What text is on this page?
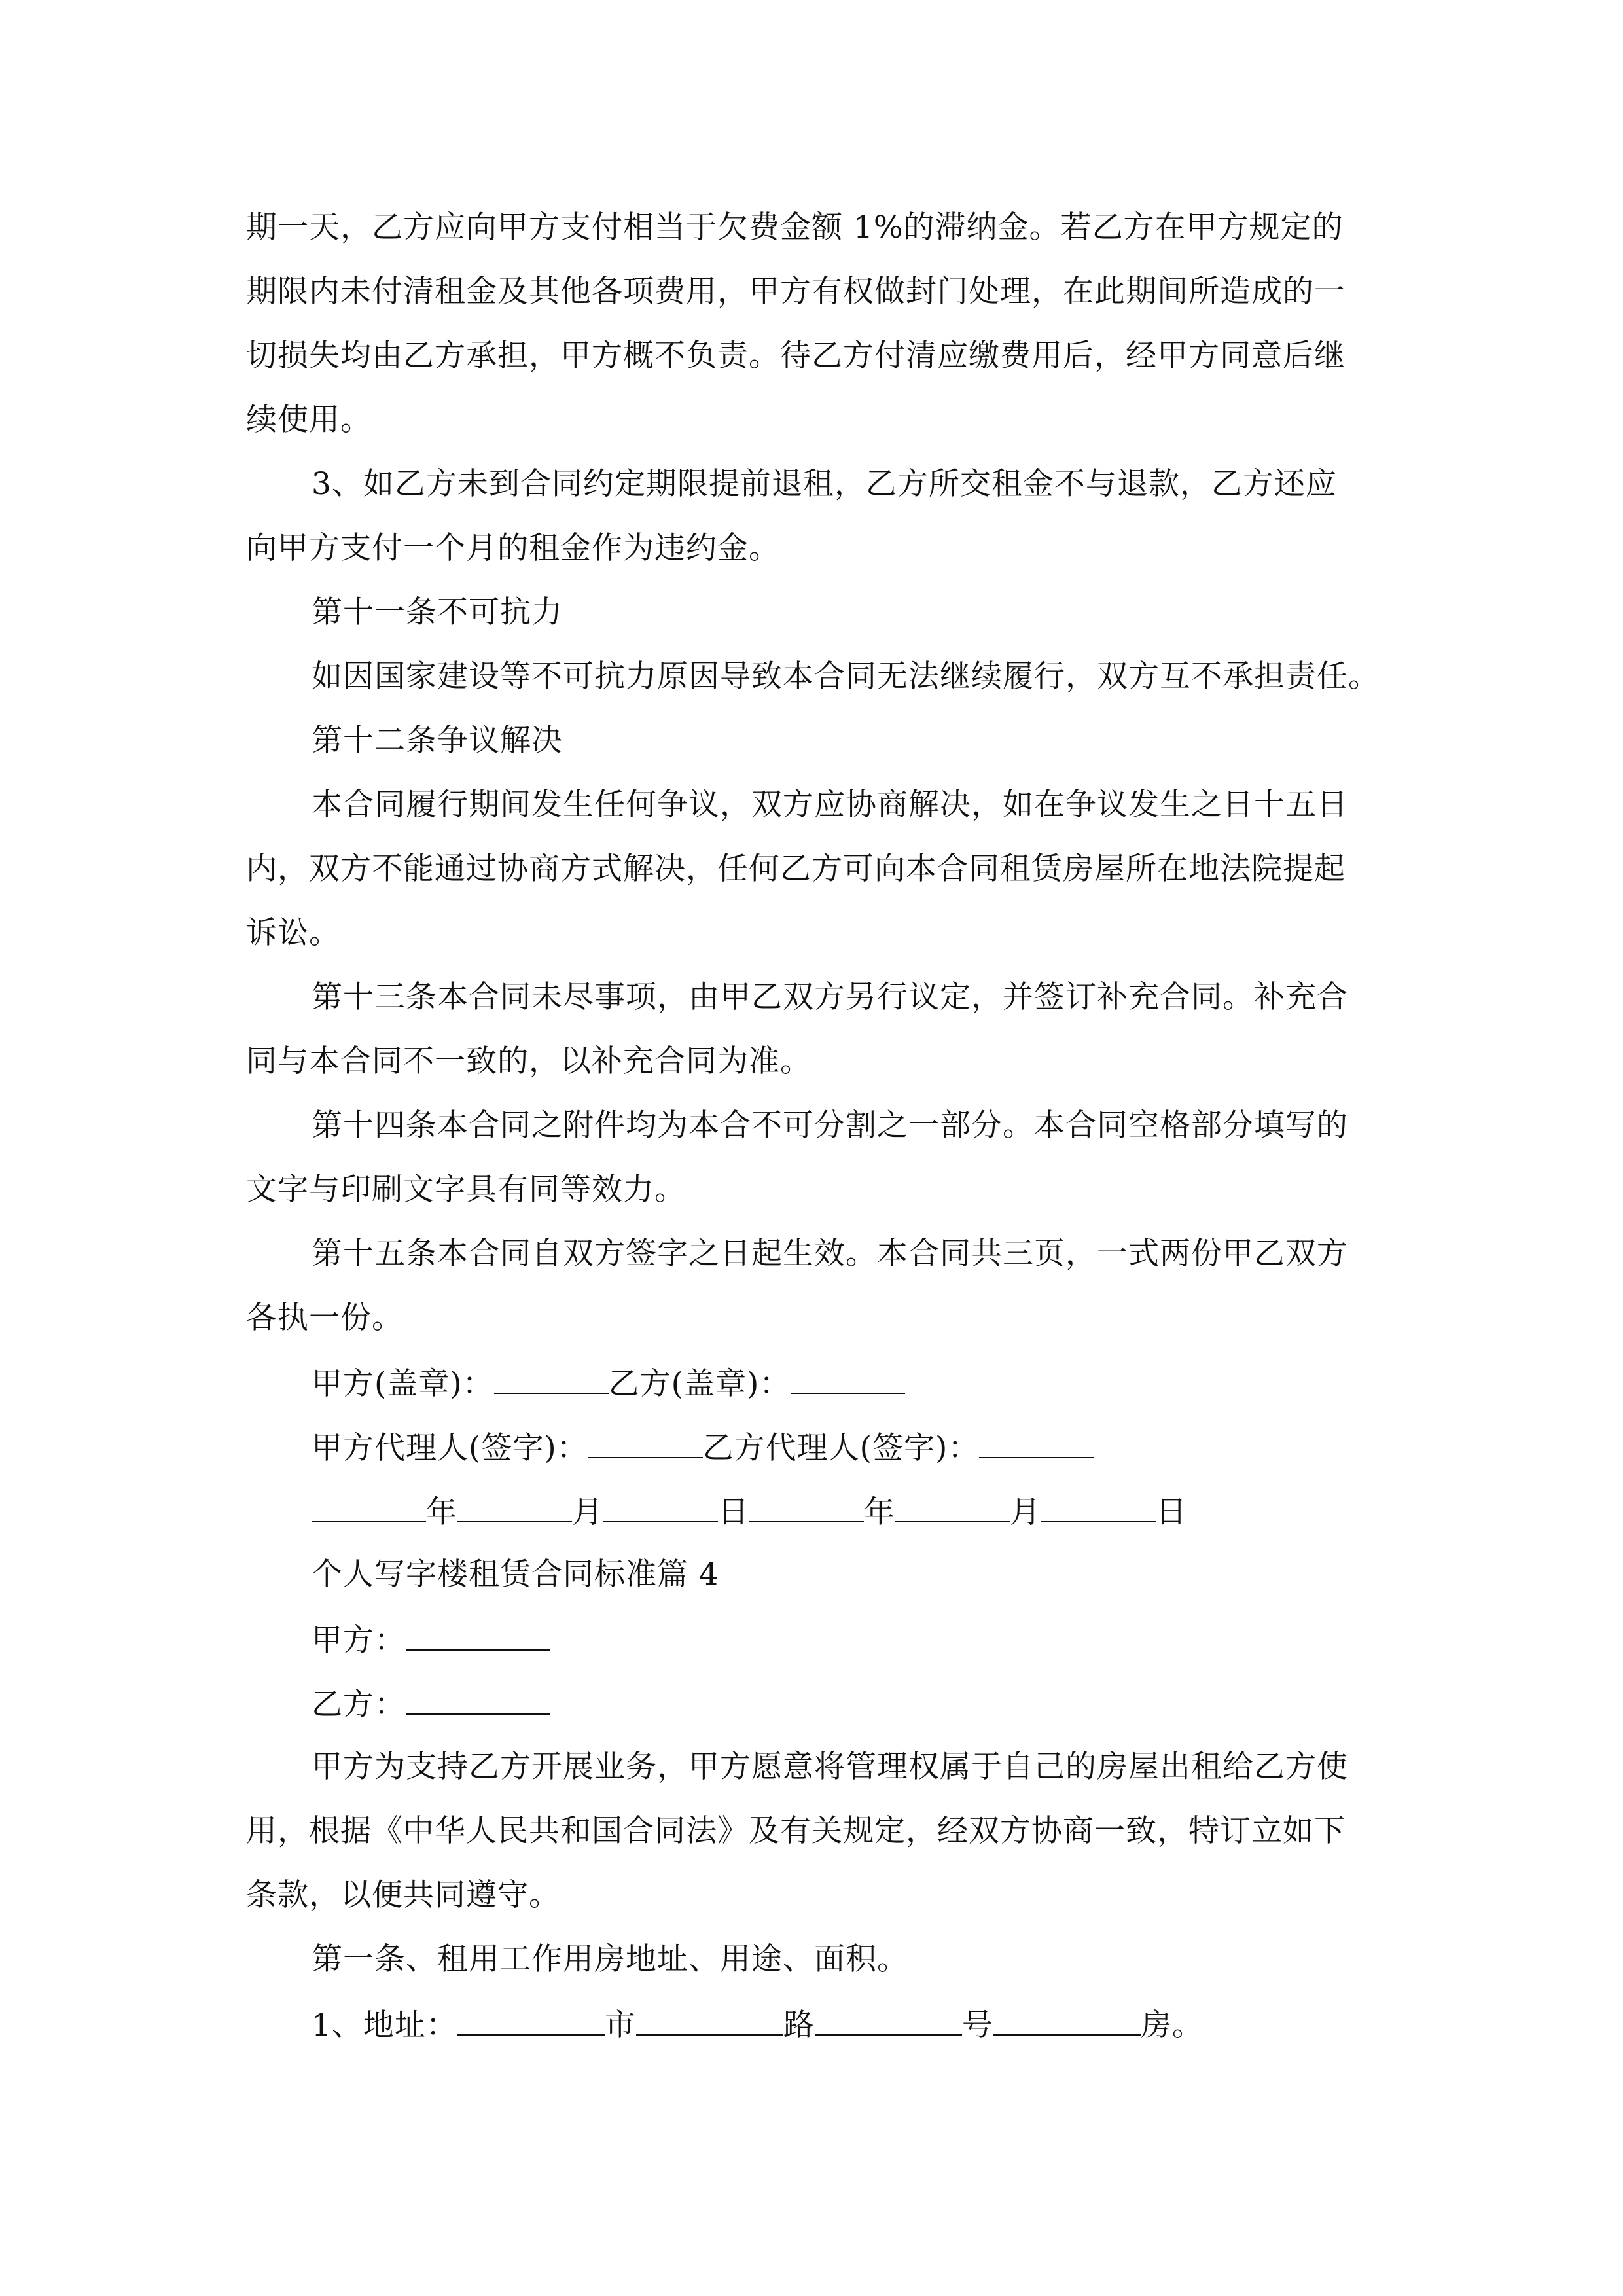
期一天，乙方应向甲方支付相当于欠费金额 1%的滞纳金。若乙方在甲方规定的
期限内未付清租金及其他各项费用，甲方有权做封门处理，在此期间所造成的一
切损失均由乙方承担，甲方概不负责。待乙方付清应缴费用后，经甲方同意后继
续使用。
3、如乙方未到合同约定期限提前退租，乙方所交租金不与退款，乙方还应
向甲方支付一个月的租金作为违约金。
第十一条不可抗力
如因国家建设等不可抗力原因导致本合同无法继续履行，双方互不承担责任。
第十二条争议解决
本合同履行期间发生任何争议，双方应协商解决，如在争议发生之日十五日
内，双方不能通过协商方式解决，任何乙方可向本合同租赁房屋所在地法院提起
诉讼。
第十三条本合同未尽事项，由甲乙双方另行议定，并签订补充合同。补充合
同与本合同不一致的，以补充合同为准。
第十四条本合同之附件均为本合不可分割之一部分。本合同空格部分填写的
文字与印刷文字具有同等效力。
第十五条本合同自双方签字之日起生效。本合同共三页，一式两份甲乙双方
各执一份。
甲方(盖章)：	乙方(盖章)：
甲方代理人(签字)：	乙方代理人(签字)：
年	月	日	年	月	日
个人写字楼租赁合同标准篇 4
甲方：
乙方：
甲方为支持乙方开展业务，甲方愿意将管理权属于自己的房屋出租给乙方使
用，根据《中华人民共和国合同法》及有关规定，经双方协商一致，特订立如下
条款，以便共同遵守。
第一条、租用工作用房地址、用途、面积。
1、地址：	市	路	号	房。
